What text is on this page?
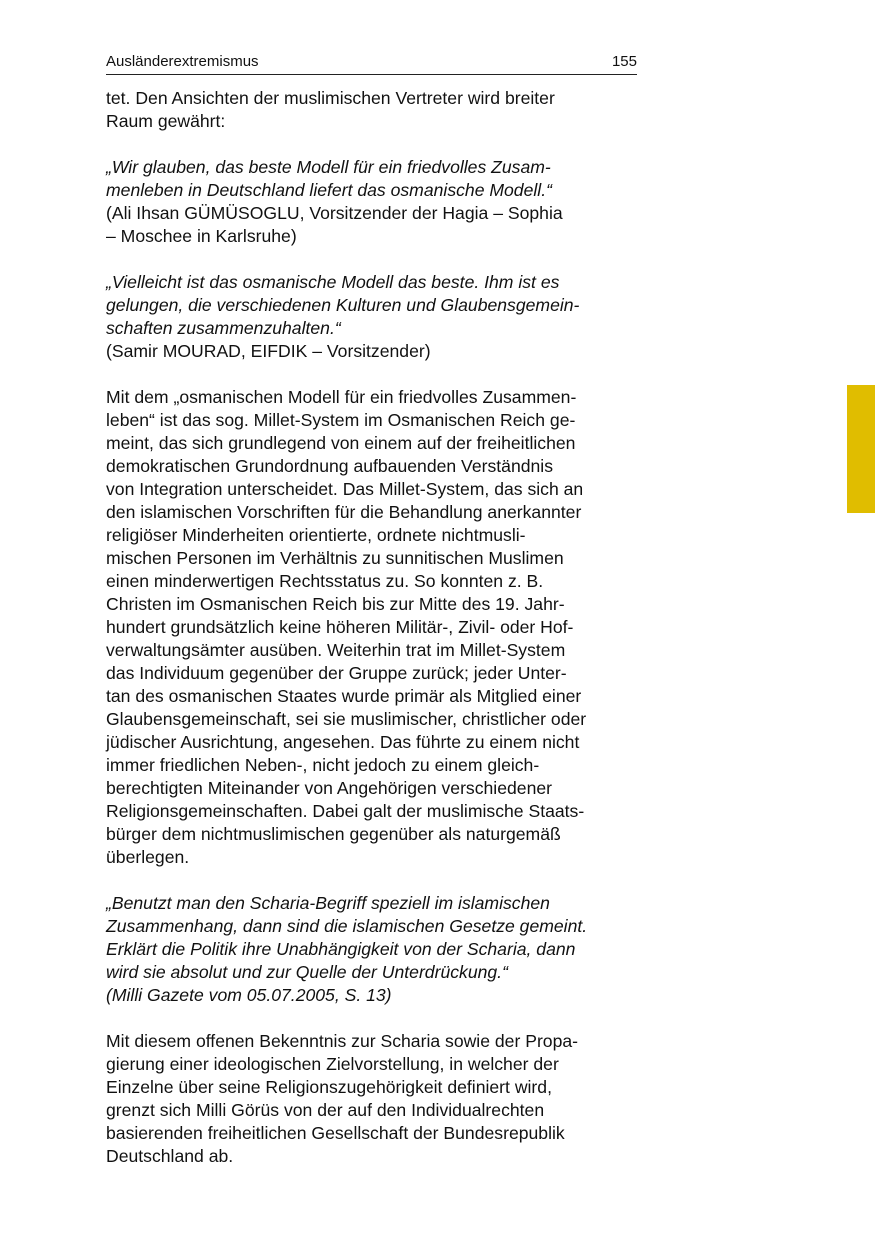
Ausländerextremismus	155
tet. Den Ansichten der muslimischen Vertreter wird breiter
Raum gewährt:
„Wir glauben, das beste Modell für ein friedvolles Zusam-
menleben in Deutschland liefert das osmanische Modell.“
(Ali Ihsan GÜMÜSOGLU, Vorsitzender der Hagia – Sophia
– Moschee in Karlsruhe)
„Vielleicht ist das osmanische Modell das beste. Ihm ist es
gelungen, die verschiedenen Kulturen und Glaubensgemein-
schaften zusammenzuhalten.“
(Samir MOURAD, EIFDIK – Vorsitzender)
Mit dem „osmanischen Modell für ein friedvolles Zusammen-
leben“ ist das sog. Millet-System im Osmanischen Reich ge-
meint, das sich grundlegend von einem auf der freiheitlichen
demokratischen Grundordnung aufbauenden Verständnis
von Integration unterscheidet. Das Millet-System, das sich an
den islamischen Vorschriften für die Behandlung anerkannter
religiöser Minderheiten orientierte, ordnete nichtmusli-
mischen Personen im Verhältnis zu sunnitischen Muslimen
einen minderwertigen Rechtsstatus zu. So konnten z. B.
Christen im Osmanischen Reich bis zur Mitte des 19. Jahr-
hundert grundsätzlich keine höheren Militär-, Zivil- oder Hof-
verwaltungsämter ausüben. Weiterhin trat im Millet-System
das Individuum gegenüber der Gruppe zurück; jeder Unter-
tan des osmanischen Staates wurde primär als Mitglied einer
Glaubensgemeinschaft, sei sie muslimischer, christlicher oder
jüdischer Ausrichtung, angesehen. Das führte zu einem nicht
immer friedlichen Neben-, nicht jedoch zu einem gleich-
berechtigten Miteinander von Angehörigen verschiedener
Religionsgemeinschaften. Dabei galt der muslimische Staats-
bürger dem nichtmuslimischen gegenüber als naturgemäß
überlegen.
„Benutzt man den Scharia-Begriff speziell im islamischen
Zusammenhang, dann sind die islamischen Gesetze gemeint.
Erklärt die Politik ihre Unabhängigkeit von der Scharia, dann
wird sie absolut und zur Quelle der Unterdrückung.“
(Milli Gazete vom 05.07.2005, S. 13)
Mit diesem offenen Bekenntnis zur Scharia sowie der Propa-
gierung einer ideologischen Zielvorstellung, in welcher der
Einzelne über seine Religionszugehörigkeit definiert wird,
grenzt sich Milli Görüs von der auf den Individualrechten
basierenden freiheitlichen Gesellschaft der Bundesrepublik
Deutschland ab.
